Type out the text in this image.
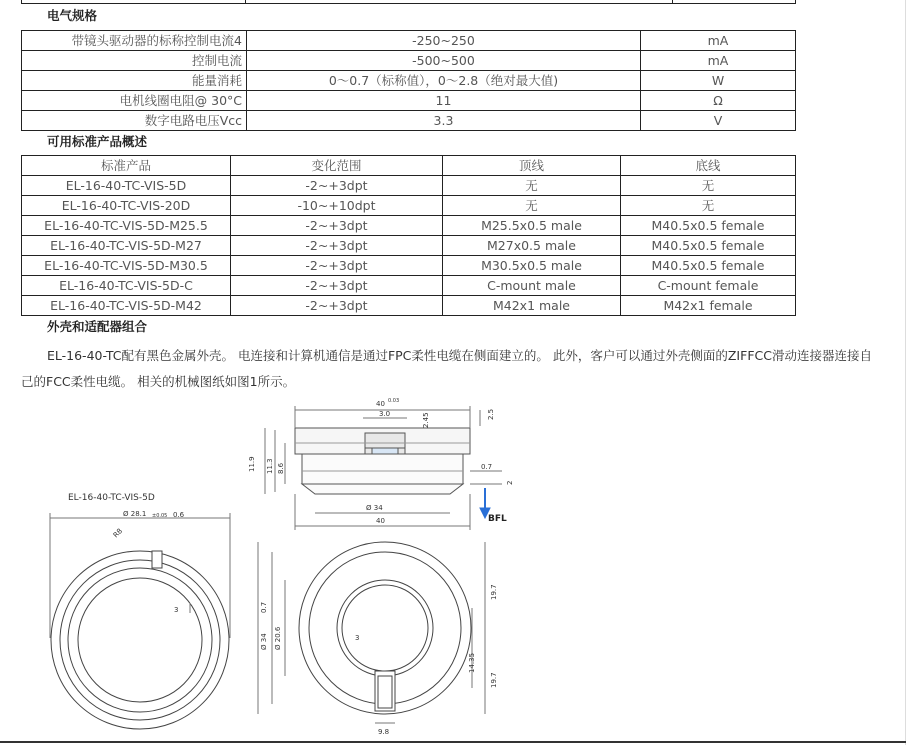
电气规格
带镜头驱动器的标称控制电流4	-250~250	mA
控制电流	-500~500	mA
能量消耗	0～0.7（标称值），0～2.8（绝对最大值)	W
电机线圈电阻@ 30°C	11	Ω
数字电路电压Vcc	3.3	V
可用标准产品概述
标准产品	变化范围	顶线	底线
EL-16-40-TC-VIS-5D	-2~+3dpt	无	无
EL-16-40-TC-VIS-20D	-10~+10dpt	无	无
EL-16-40-TC-VIS-5D-M25.5	-2~+3dpt	M25.5x0.5 male	M40.5x0.5 female
EL-16-40-TC-VIS-5D-M27	-2~+3dpt	M27x0.5 male	M40.5x0.5 female
EL-16-40-TC-VIS-5D-M30.5	-2~+3dpt	M30.5x0.5 male	M40.5x0.5 female
EL-16-40-TC-VIS-5D-C	-2~+3dpt	C-mount male	C-mount female
EL-16-40-TC-VIS-5D-M42	-2~+3dpt	M42x1 male	M42x1 female
外壳和适配器组合

EL-16-40-TC配有黑色金属外壳。 电连接和计算机通信是通过FPC柔性电缆在侧面建立的。 此外，客户可以通过外壳侧面的ZIFFCC滑动连接器连接自己的FCC柔性电缆。 相关的机械图纸如图1所示。

40 0.03
3.0	2.45	2.5
11.9 11.3 8.6	0.7
2
Ø 34
40	BFL
EL-16-40-TC-VIS-5D
Ø 28.1 ±0.05 0.6
R8
3
Ø 34
0.7
Ø 20.6	3
19.7
19.7
14.35
9.8
